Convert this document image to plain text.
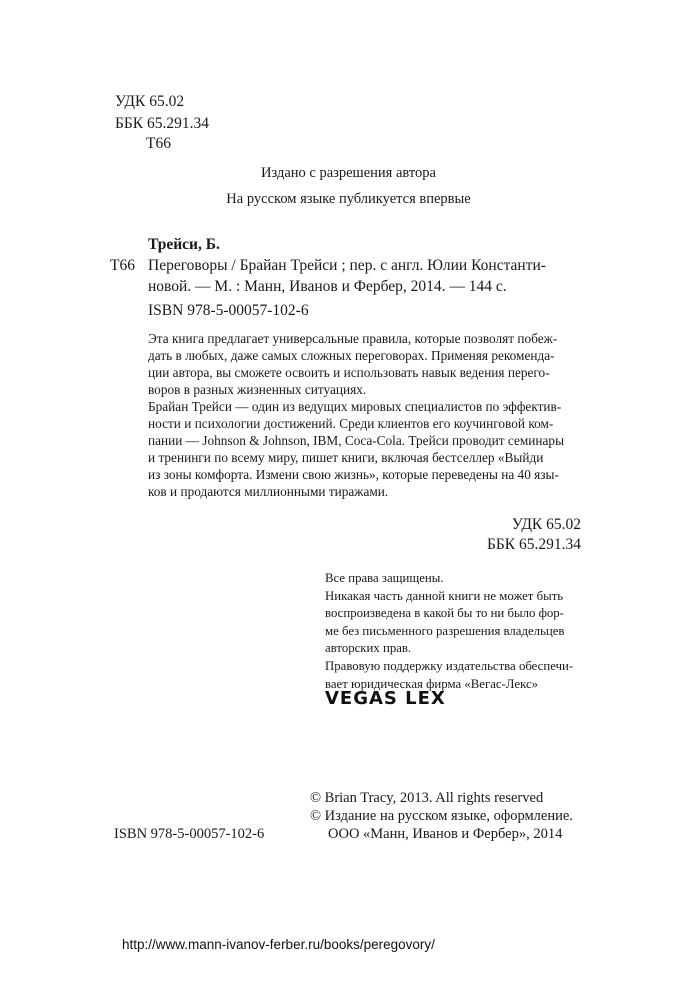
УДК 65.02
ББК 65.291.34
Т66
Издано с разрешения автора
На русском языке публикуется впервые
Трейси, Б.
Т66 Переговоры / Брайан Трейси ; пер. с англ. Юлии Константи-
новой. — М. : Манн, Иванов и Фербер, 2014. — 144 с.
ISBN 978-5-00057-102-6
Эта книга предлагает универсальные правила, которые позволят побеж-
дать в любых, даже самых сложных переговорах. Применяя рекоменда-
ции автора, вы сможете освоить и использовать навык ведения перего-
воров в разных жизненных ситуациях.
Брайан Трейси — один из ведущих мировых специалистов по эффектив-
ности и психологии достижений. Среди клиентов его коучинговой ком-
пании — Johnson & Johnson, IBM, Coca-Cola. Трейси проводит семинары
и тренинги по всему миру, пишет книги, включая бестселлер «Выйди
из зоны комфорта. Измени свою жизнь», которые переведены на 40 язы-
ков и продаются миллионными тиражами.
УДК 65.02
ББК 65.291.34
Все права защищены.
Никакая часть данной книги не может быть
воспроизведена в какой бы то ни было фор-
ме без письменного разрешения владельцев
авторских прав.
Правовую поддержку издательства обеспечи-
вает юридическая фирма «Вегас-Лекс»
VEGAS LEX
© Brian Tracy, 2013. All rights reserved
© Издание на русском языке, оформление.
ООО «Манн, Иванов и Фербер», 2014
ISBN 978-5-00057-102-6
http://www.mann-ivanov-ferber.ru/books/peregovory/
